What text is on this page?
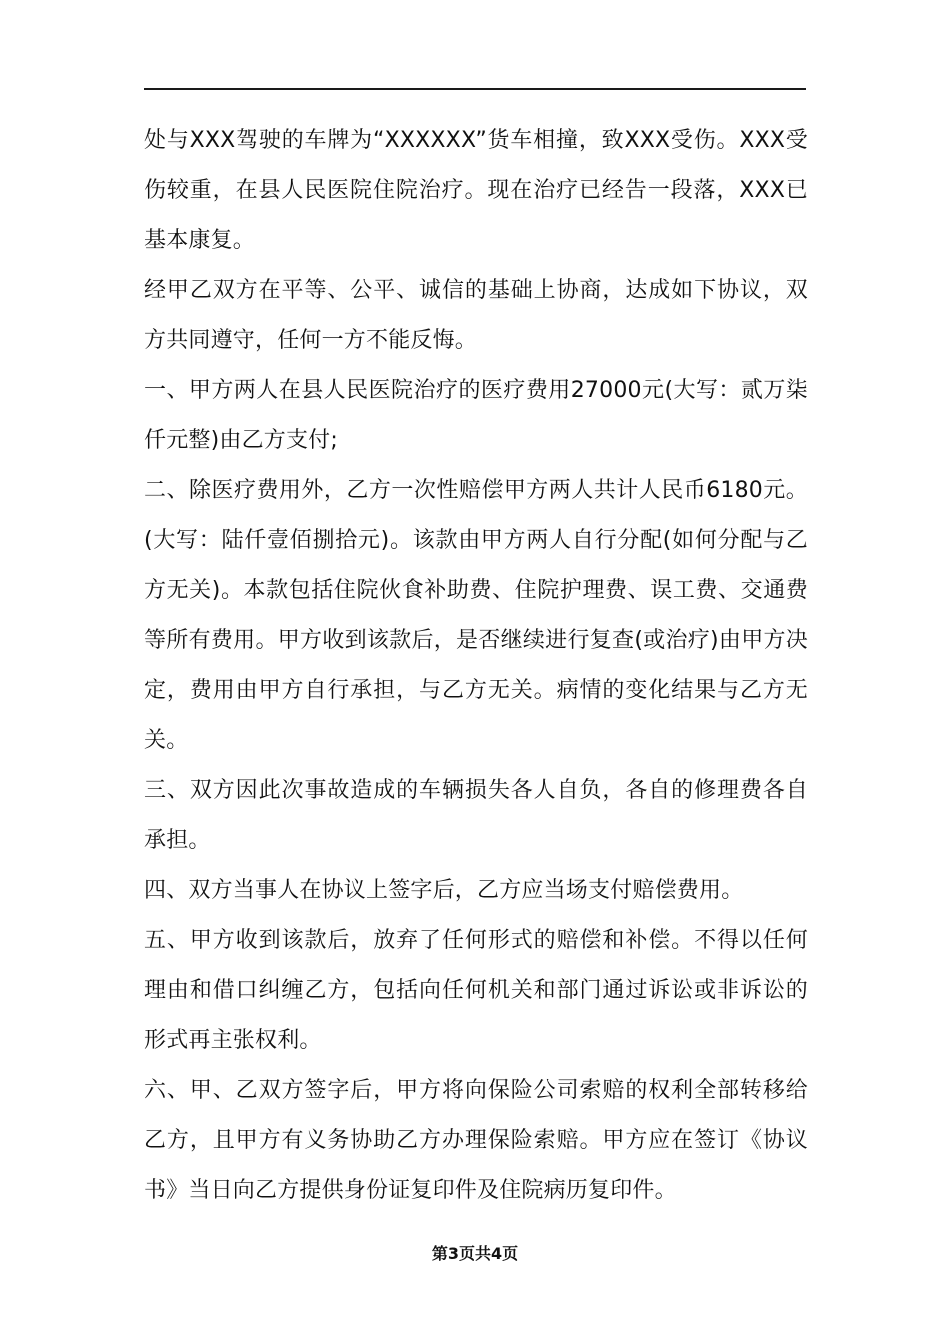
处与XXX驾驶的车牌为“XXXXXX”货车相撞，致XXX受伤。XXX受伤较重，在县人民医院住院治疗。现在治疗已经告一段落，XXX已基本康复。

经甲乙双方在平等、公平、诚信的基础上协商，达成如下协议，双方共同遵守，任何一方不能反悔。

一、甲方两人在县人民医院治疗的医疗费用27000元(大写：贰万柒仟元整)由乙方支付;

二、除医疗费用外，乙方一次性赔偿甲方两人共计人民币6180元。(大写：陆仟壹佰捌拾元)。该款由甲方两人自行分配(如何分配与乙方无关)。本款包括住院伙食补助费、住院护理费、误工费、交通费等所有费用。甲方收到该款后，是否继续进行复查(或治疗)由甲方决定，费用由甲方自行承担，与乙方无关。病情的变化结果与乙方无关。

三、双方因此次事故造成的车辆损失各人自负，各自的修理费各自承担。

四、双方当事人在协议上签字后，乙方应当场支付赔偿费用。

五、甲方收到该款后，放弃了任何形式的赔偿和补偿。不得以任何理由和借口纠缠乙方，包括向任何机关和部门通过诉讼或非诉讼的形式再主张权利。

六、甲、乙双方签字后，甲方将向保险公司索赔的权利全部转移给乙方，且甲方有义务协助乙方办理保险索赔。甲方应在签订《协议书》当日向乙方提供身份证复印件及住院病历复印件。

第3页共4页
